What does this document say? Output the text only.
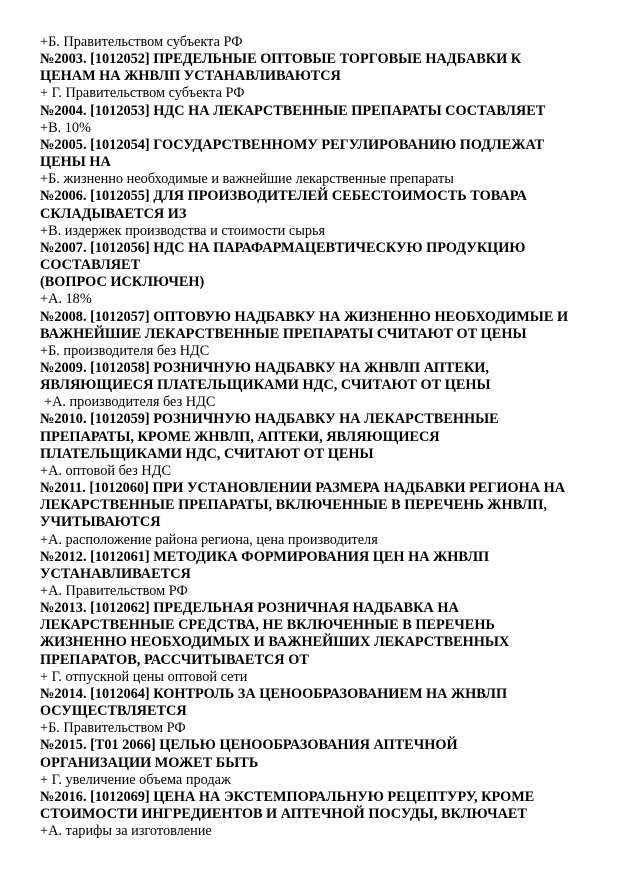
+Б. Правительством субъекта РФ
№2003. [1012052] ПРЕДЕЛЬНЫЕ ОПТОВЫЕ ТОРГОВЫЕ НАДБАВКИ К
ЦЕНАМ НА ЖНВЛП УСТАНАВЛИВАЮТСЯ
+ Г. Правительством субъекта РФ
№2004. [1012053] НДС НА ЛЕКАРСТВЕННЫЕ ПРЕПАРАТЫ СОСТАВЛЯЕТ
+В. 10%
№2005. [1012054] ГОСУДАРСТВЕННОМУ РЕГУЛИРОВАНИЮ ПОДЛЕЖАТ
ЦЕНЫ НА
+Б. жизненно необходимые и важнейшие лекарственные препараты
№2006. [1012055] ДЛЯ ПРОИЗВОДИТЕЛЕЙ СЕБЕСТОИМОСТЬ ТОВАРА
СКЛАДЫВАЕТСЯ ИЗ
+В. издержек производства и стоимости сырья
№2007. [1012056] НДС НА ПАРАФАРМАЦЕВТИЧЕСКУЮ ПРОДУКЦИЮ
СОСТАВЛЯЕТ
(ВОПРОС ИСКЛЮЧЕН)
+А. 18%
№2008. [1012057] ОПТОВУЮ НАДБАВКУ НА ЖИЗНЕННО НЕОБХОДИМЫЕ И
ВАЖНЕЙШИЕ ЛЕКАРСТВЕННЫЕ ПРЕПАРАТЫ СЧИТАЮТ ОТ ЦЕНЫ
+Б. производителя без НДС
№2009. [1012058] РОЗНИЧНУЮ НАДБАВКУ НА ЖНВЛП АПТЕКИ,
ЯВЛЯЮЩИЕСЯ ПЛАТЕЛЬЩИКАМИ НДС, СЧИТАЮТ ОТ ЦЕНЫ
+А. производителя без НДС
№2010. [1012059] РОЗНИЧНУЮ НАДБАВКУ НА ЛЕКАРСТВЕННЫЕ
ПРЕПАРАТЫ, КРОМЕ ЖНВЛП, АПТЕКИ, ЯВЛЯЮЩИЕСЯ
ПЛАТЕЛЬЩИКАМИ НДС, СЧИТАЮТ ОТ ЦЕНЫ
+А. оптовой без НДС
№2011. [1012060] ПРИ УСТАНОВЛЕНИИ РАЗМЕРА НАДБАВКИ РЕГИОНА НА
ЛЕКАРСТВЕННЫЕ ПРЕПАРАТЫ, ВКЛЮЧЕННЫЕ В ПЕРЕЧЕНЬ ЖНВЛП,
УЧИТЫВАЮТСЯ
+А. расположение района региона, цена производителя
№2012. [1012061] МЕТОДИКА ФОРМИРОВАНИЯ ЦЕН НА ЖНВЛП
УСТАНАВЛИВАЕТСЯ
+А. Правительством РФ
№2013. [1012062] ПРЕДЕЛЬНАЯ РОЗНИЧНАЯ НАДБАВКА НА
ЛЕКАРСТВЕННЫЕ СРЕДСТВА, НЕ ВКЛЮЧЕННЫЕ В ПЕРЕЧЕНЬ
ЖИЗНЕННО НЕОБХОДИМЫХ И ВАЖНЕЙШИХ ЛЕКАРСТВЕННЫХ
ПРЕПАРАТОВ, РАССЧИТЫВАЕТСЯ ОТ
+ Г. отпускной цены оптовой сети
№2014. [1012064] КОНТРОЛЬ ЗА ЦЕНООБРАЗОВАНИЕМ НА ЖНВЛП
ОСУЩЕСТВЛЯЕТСЯ
+Б. Правительством РФ
№2015. [T01 2066] ЦЕЛЬЮ ЦЕНООБРАЗОВАНИЯ АПТЕЧНОЙ
ОРГАНИЗАЦИИ МОЖЕТ БЫТЬ
+ Г. увеличение объема продаж
№2016. [1012069] ЦЕНА НА ЭКСТЕМПОРАЛЬНУЮ РЕЦЕПТУРУ, КРОМЕ
СТОИМОСТИ ИНГРЕДИЕНТОВ И АПТЕЧНОЙ ПОСУДЫ, ВКЛЮЧАЕТ
+А. тарифы за изготовление
